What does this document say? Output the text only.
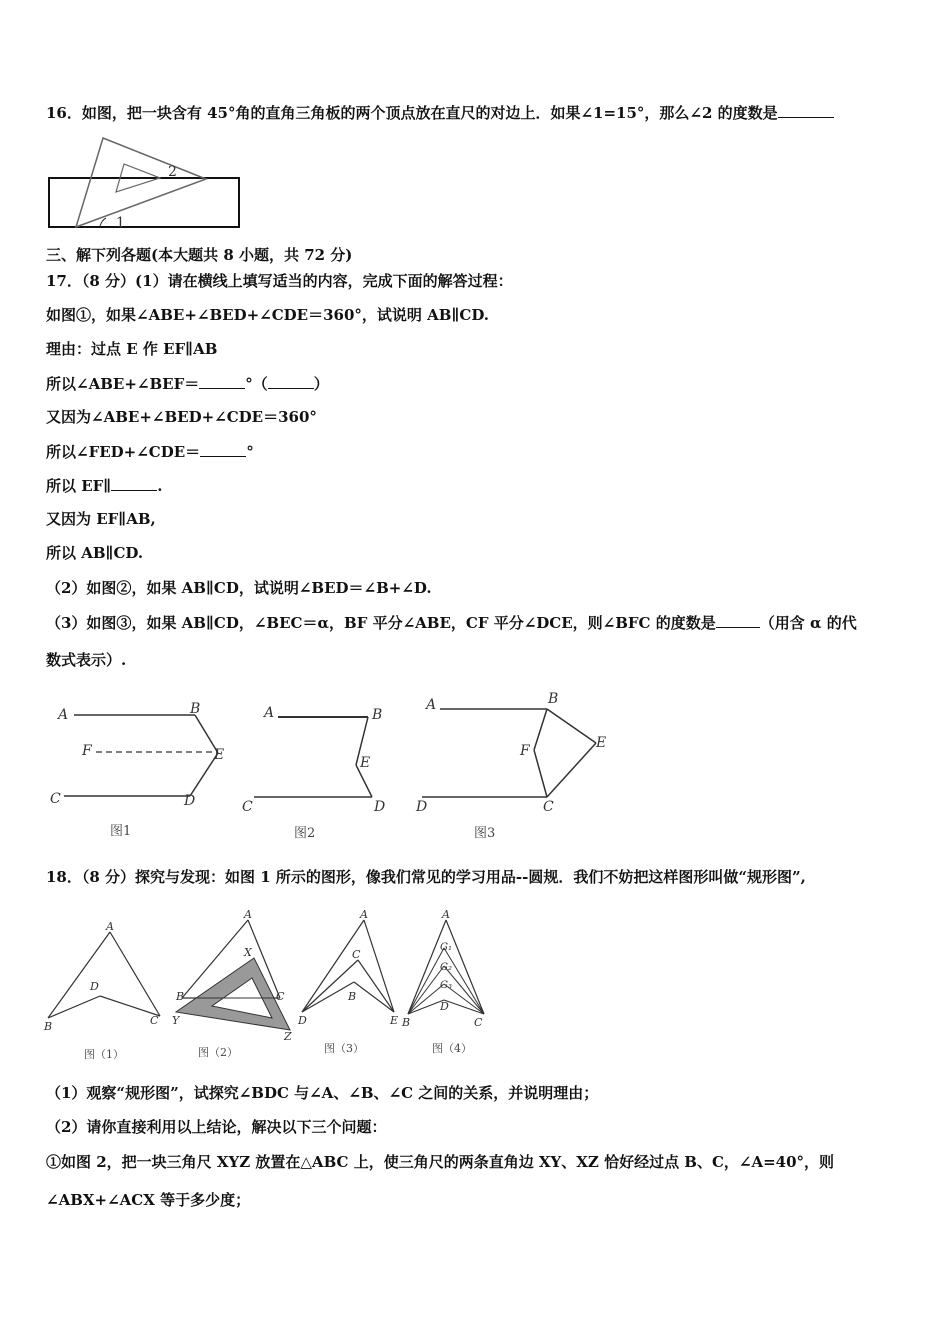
16．如图，把一块含有 45°角的直角三角板的两个顶点放在直尺的对边上．如果∠1=15°，那么∠2 的度数是
2
1
三、解下列各题(本大题共 8 小题，共 72 分)
17．（8 分）(1）请在横线上填写适当的内容，完成下面的解答过程：
如图①，如果∠ABE+∠BED+∠CDE＝360°，试说明 AB∥CD.
理由：过点 E 作 EF∥AB
所以∠ABE+∠BEF＝	°（	）
又因为∠ABE+∠BED+∠CDE＝360°
所以∠FED+∠CDE＝	°
所以 EF∥	.
又因为 EF∥AB,
所以 AB∥CD.
（2）如图②，如果 AB∥CD，试说明∠BED＝∠B+∠D.
（3）如图③，如果 AB∥CD，∠BEC＝α，BF 平分∠ABE，CF 平分∠DCE，则∠BFC 的度数是	（用含 α 的代
数式表示）.
A	B
F	E
C	D
图1
A	B
E
C	D
图2
A	B
F	E
D	C
图3
18．（8 分）探究与发现：如图 1 所示的图形，像我们常见的学习用品--圆规．我们不妨把这样图形叫做“规形图”,
A
D
B	C
图（1）
A
X
B	C
Y
Z
图（2）
A
C
B
D	E
图（3）
A
G₁
G₂
G₃
D
B	C
图（4）
（1）观察“规形图”，试探究∠BDC 与∠A、∠B、∠C 之间的关系，并说明理由；
（2）请你直接利用以上结论，解决以下三个问题：
①如图 2，把一块三角尺 XYZ 放置在△ABC 上，使三角尺的两条直角边 XY、XZ 恰好经过点 B、C，∠A=40°，则
∠ABX+∠ACX 等于多少度；
